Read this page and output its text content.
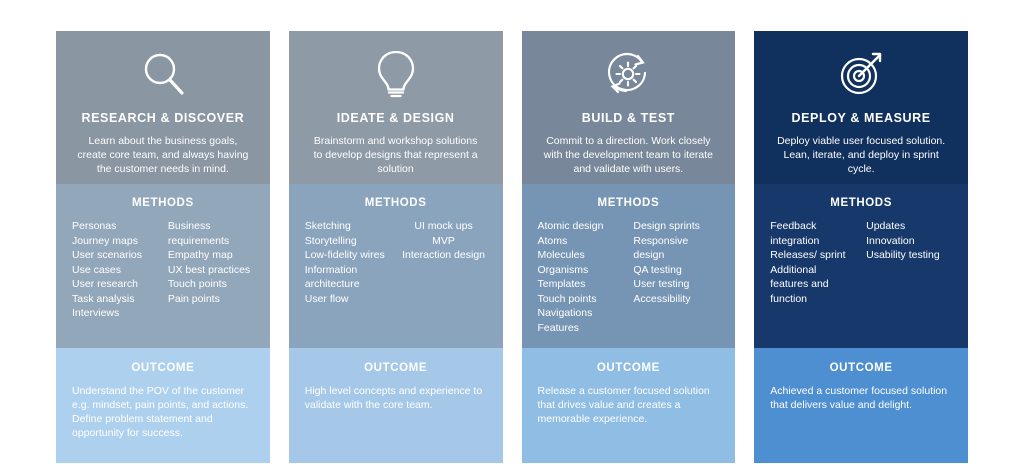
RESEARCH & DISCOVER
Learn about the business goals, create core team, and always having the customer needs in mind.
METHODS
Personas
Journey maps
User scenarios
Use cases
User research
Task analysis
Interviews
Business requirements
Empathy map
UX best practices
Touch points
Pain points
OUTCOME
Understand the POV of the customer e.g. mindset, pain points, and actions. Define problem statement and opportunity for success.
IDEATE & DESIGN
Brainstorm and workshop solutions to develop designs that represent a solution
METHODS
Sketching
Storytelling
Low-fidelity wires
Information architecture
User flow
UI mock ups
MVP
Interaction design
OUTCOME
High level concepts and experience to validate with the core team.
BUILD & TEST
Commit to a direction. Work closely with the development team to iterate and validate with users.
METHODS
Atomic design
Atoms
Molecules
Organisms
Templates
Touch points
Navigations
Features
Design sprints
Responsive design
QA testing
User testing
Accessibility
OUTCOME
Release a customer focused solution that drives value and creates a memorable experience.
DEPLOY & MEASURE
Deploy viable user focused solution. Lean, iterate, and deploy in sprint cycle.
METHODS
Feedback integration
Releases/ sprint
Additional features and function
Updates
Innovation
Usability testing
OUTCOME
Achieved a customer focused solution that delivers value and delight.
